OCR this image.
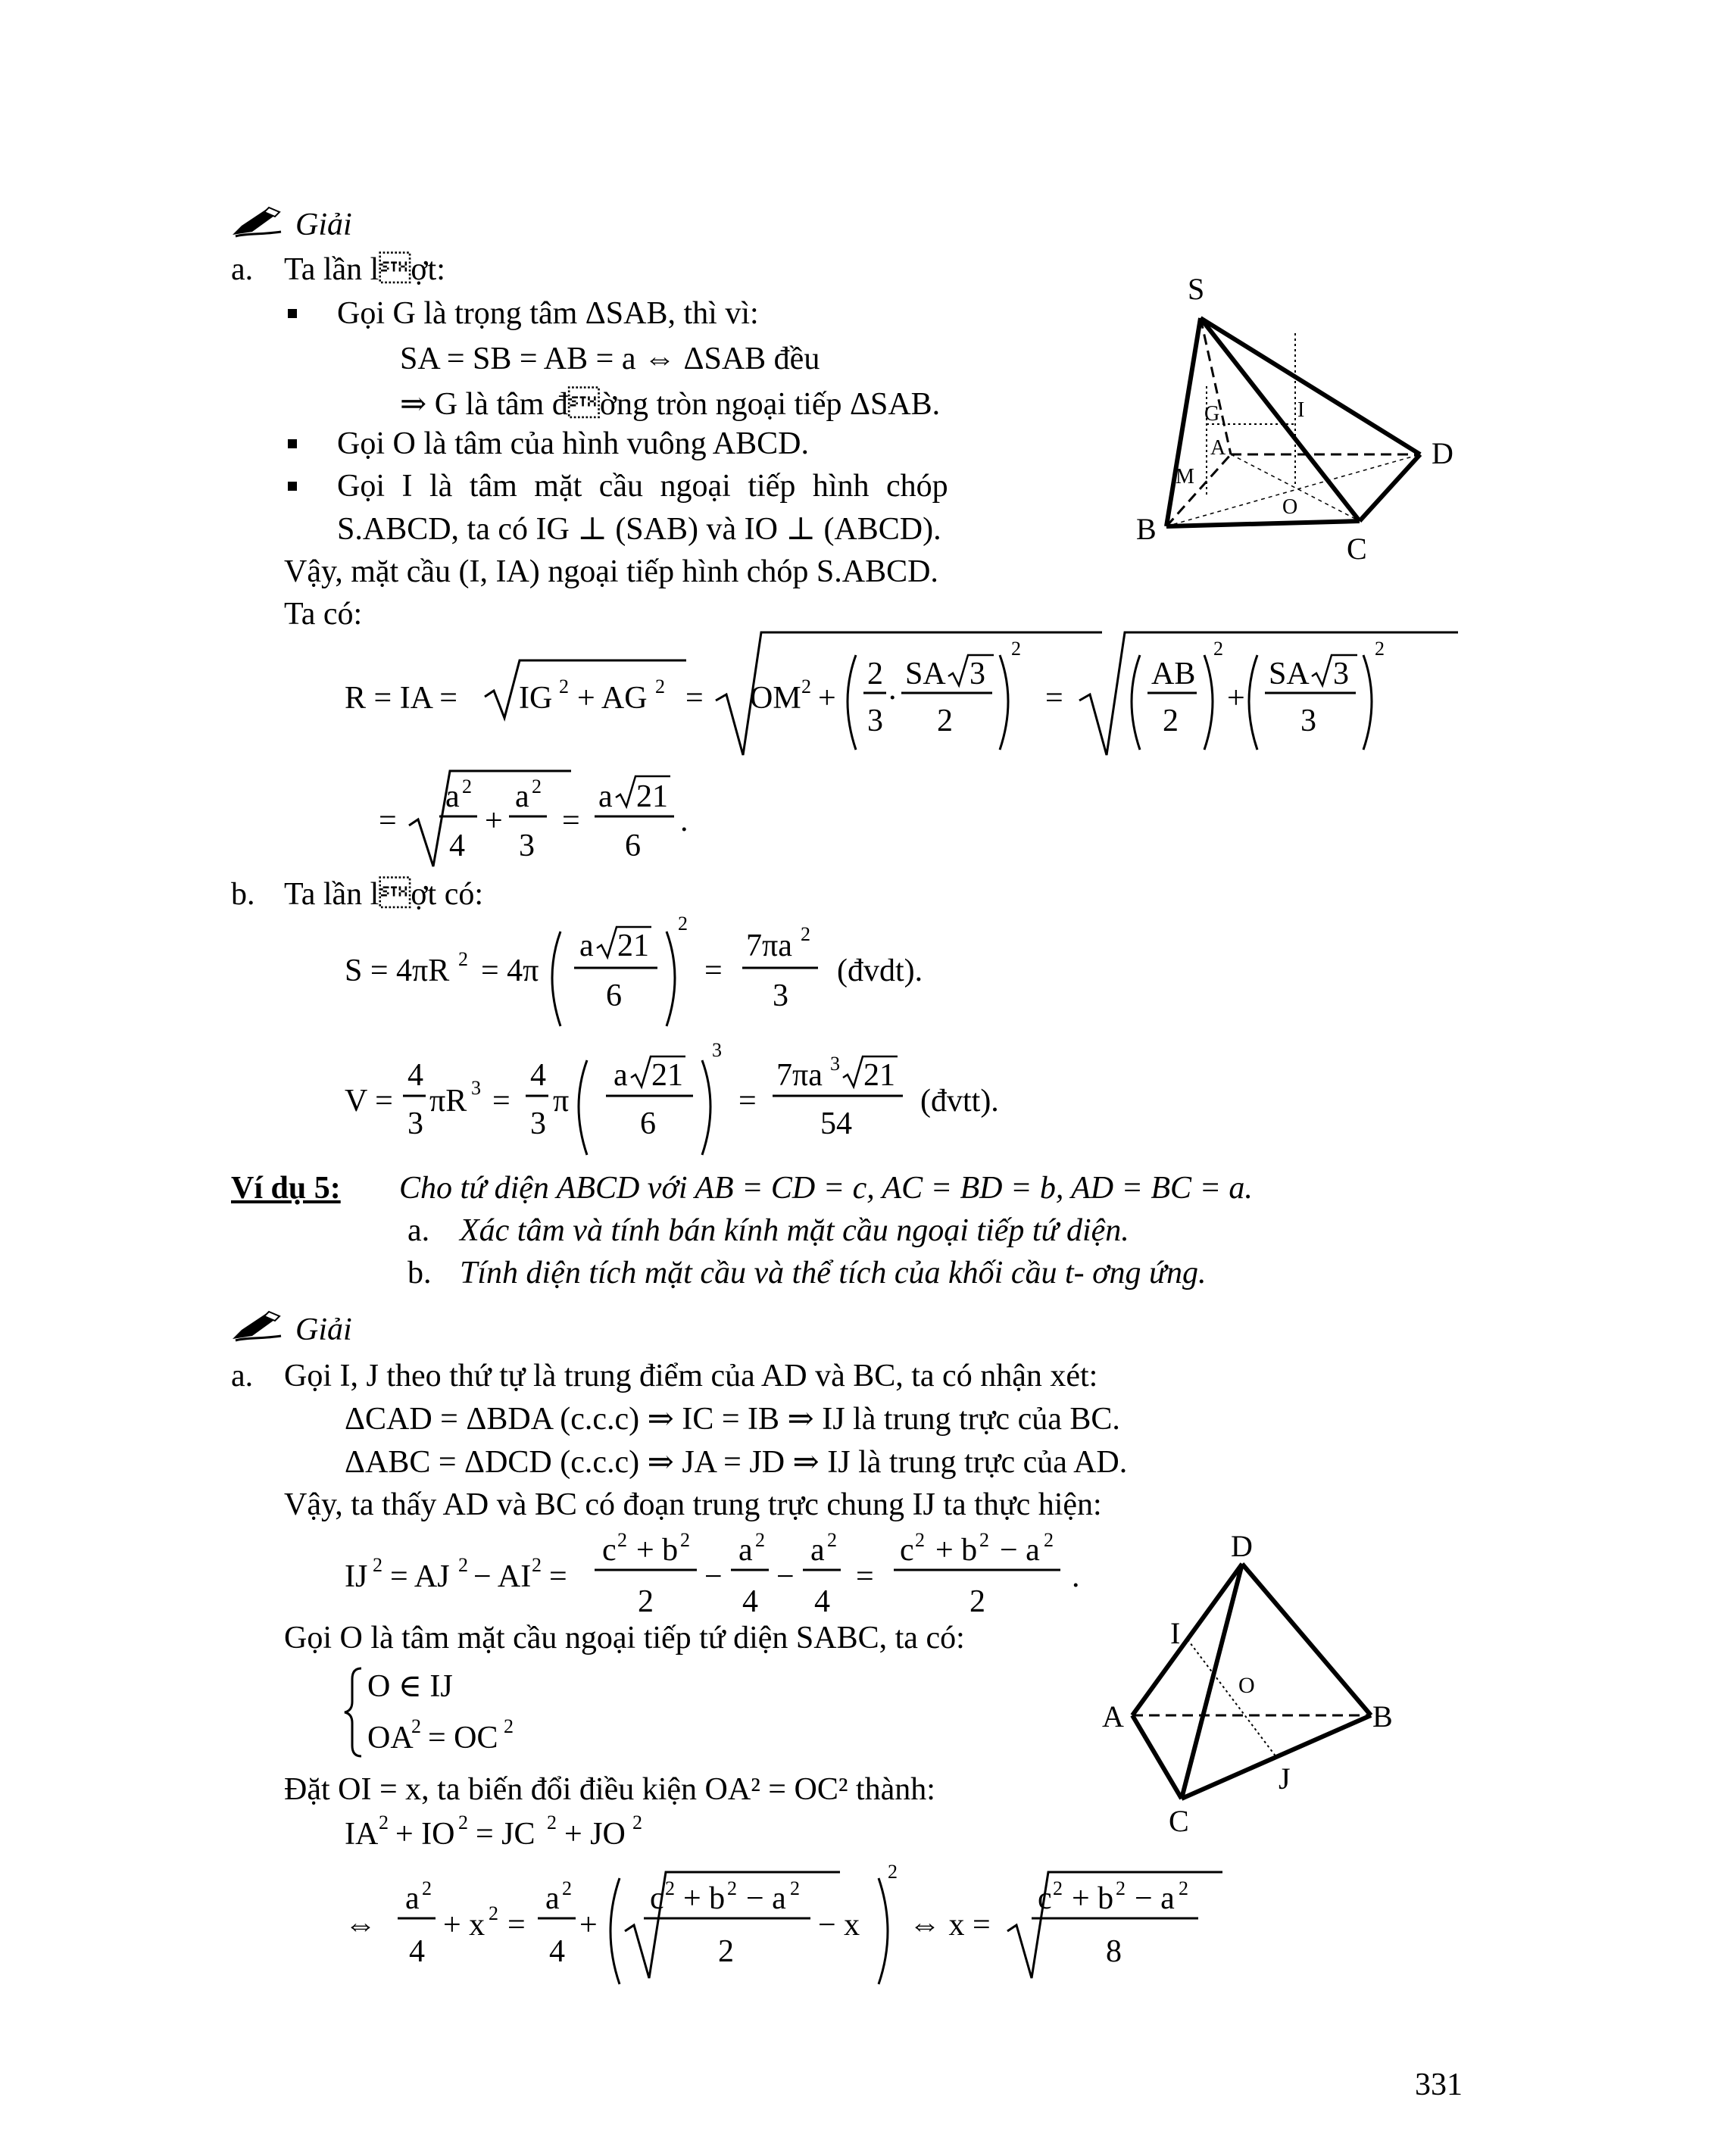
Giải
a. Ta lần lợt:
Gọi G là trọng tâm ΔSAB, thì vì:
SA = SB = AB = a ⇔ ΔSAB đều
⇒ G là tâm đờng tròn ngoại tiếp ΔSAB.
Gọi O là tâm của hình vuông ABCD.
Gọi I là tâm mặt cầu ngoại tiếp hình chóp
S.ABCD, ta có IG ⊥ (SAB) và IO ⊥ (ABCD).
Vậy, mặt cầu (I, IA) ngoại tiếp hình chóp S.ABCD.
Ta có:
S
D
B
C
G	I
A
M
O
R = IA = IG 2 + AG 2 = OM 2 +
2
3
. SA 3
2
2
=
AB
2
2
+
SA 3
3
2
=
a 2
4
+
a 2
3
=
a 21
6
.
b. Ta lần lợt có:
S = 4πR 2 = 4π
a 21
6
2
=
7πa 2
3
(đvdt).
V =
4
3
πR 3 =
4
3
π
a 21
6
3
=
7πa 3 21
54
(đvtt).
Ví dụ 5: Cho tứ diện ABCD với AB = CD = c, AC = BD = b, AD = BC = a.
a. Xác tâm và tính bán kính mặt cầu ngoại tiếp tứ diện.
b. Tính diện tích mặt cầu và thể tích của khối cầu t- ơng ứng.
Giải
a. Gọi I, J theo thứ tự là trung điểm của AD và BC, ta có nhận xét:
ΔCAD = ΔBDA (c.c.c) ⇒ IC = IB ⇒ IJ là trung trực của BC.
ΔABC = ΔDCD (c.c.c) ⇒ JA = JD ⇒ IJ là trung trực của AD.
Vậy, ta thấy AD và BC có đoạn trung trực chung IJ ta thực hiện:
IJ 2 = AJ 2 − AI 2 =
c 2 + b 2
2
−
a 2
4
−
a 2
4
=
c 2 + b 2 − a 2
2
.
Gọi O là tâm mặt cầu ngoại tiếp tứ diện SABC, ta có:
O ∈ IJ
OA
2 = OC 2
Đặt OI = x, ta biến đổi điều kiện OA² = OC² thành:
IA 2 + IO 2 = JC 2 + JO 2
⇔
a 2
4
+ x 2 =
a 2
4
+
c 2 + b 2 − a 2
2
− x
2
⇔ x =
c 2 + b 2 − a 2
8
D
I
O
A	B
J
C
331
